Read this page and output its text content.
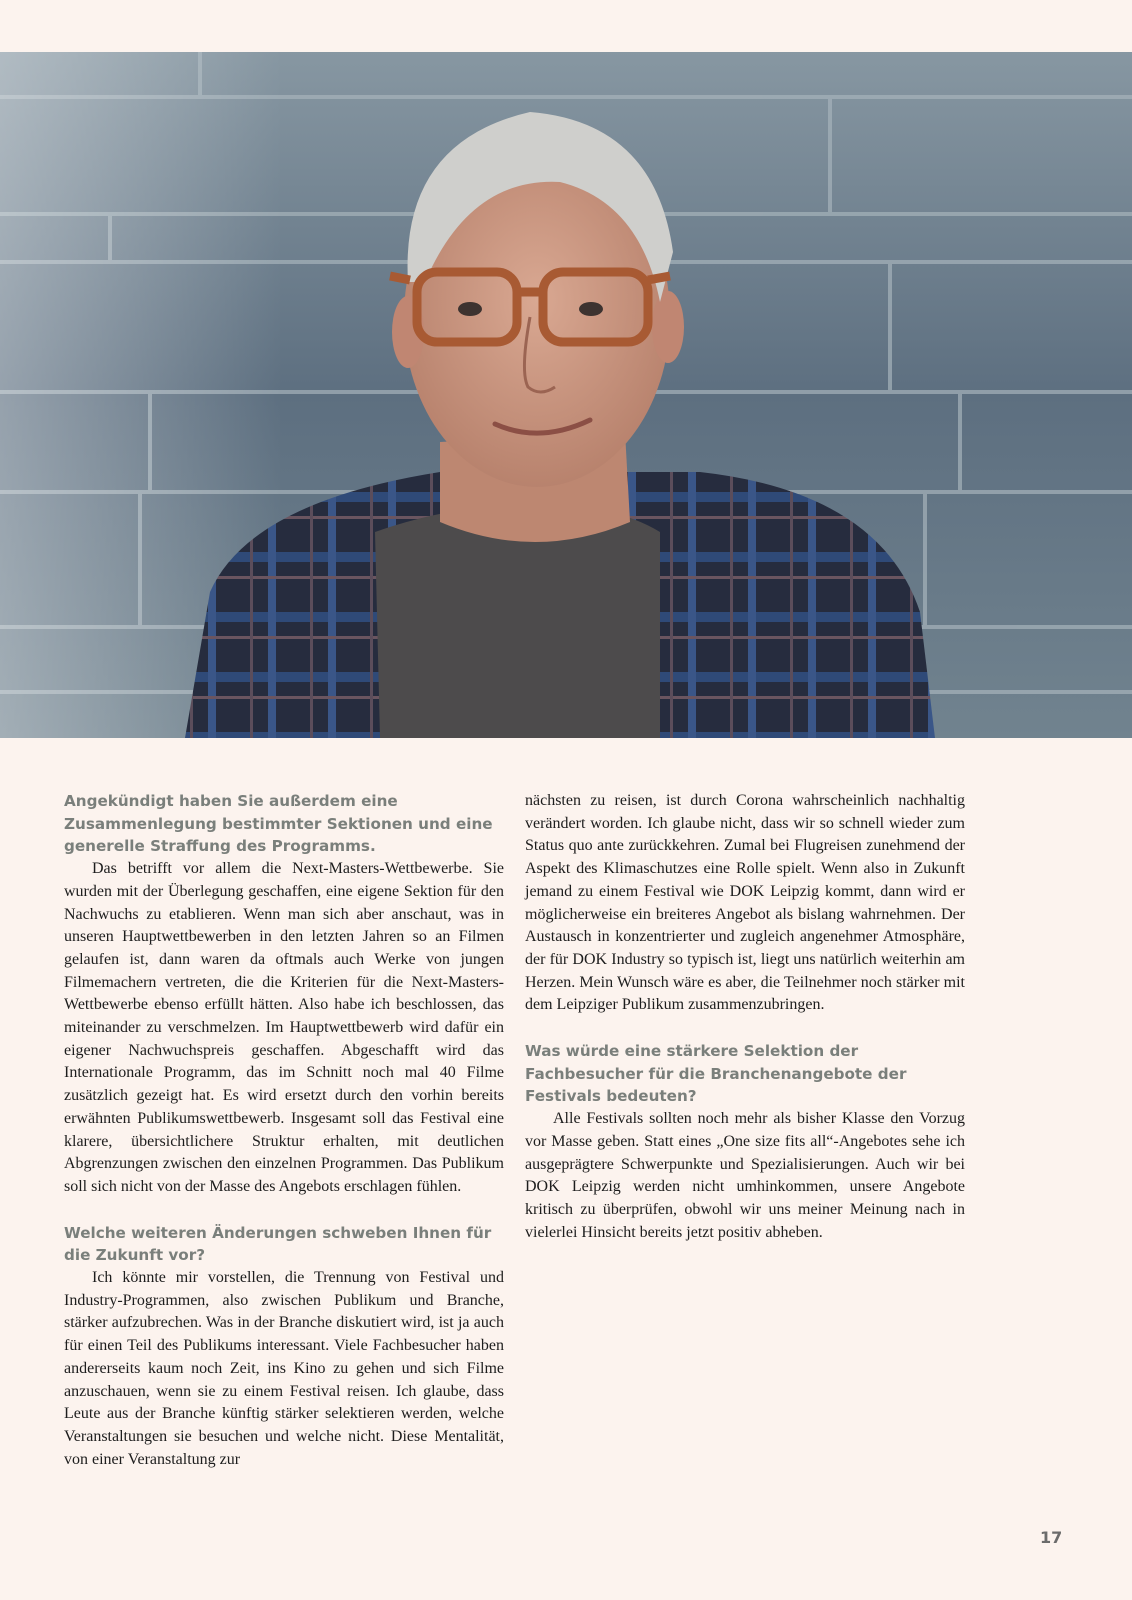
Angekündigt haben Sie außerdem eine Zusammenlegung bestimmter Sektionen und eine generelle Straffung des Programms.

Das betrifft vor allem die Next-Masters-Wettbewerbe. Sie wurden mit der Überlegung geschaffen, eine eigene Sektion für den Nachwuchs zu etablieren. Wenn man sich aber anschaut, was in unseren Hauptwettbewerben in den letzten Jahren so an Filmen gelaufen ist, dann waren da oftmals auch Werke von jungen Filmemachern vertreten, die die Kriterien für die Next-Masters-Wettbewerbe ebenso erfüllt hätten. Also habe ich beschlossen, das miteinander zu verschmelzen. Im Hauptwettbewerb wird dafür ein eigener Nachwuchspreis geschaffen. Abgeschafft wird das Internationale Programm, das im Schnitt noch mal 40 Filme zusätzlich gezeigt hat. Es wird ersetzt durch den vorhin bereits erwähnten Publikumswettbewerb. Insgesamt soll das Festival eine klarere, übersichtlichere Struktur erhalten, mit deutlichen Abgrenzungen zwischen den einzelnen Programmen. Das Publikum soll sich nicht von der Masse des Angebots erschlagen fühlen.

Welche weiteren Änderungen schweben Ihnen für die Zukunft vor?

Ich könnte mir vorstellen, die Trennung von Festival und Industry-Programmen, also zwischen Publikum und Branche, stärker aufzubrechen. Was in der Branche diskutiert wird, ist ja auch für einen Teil des Publikums interessant. Viele Fachbesucher haben andererseits kaum noch Zeit, ins Kino zu gehen und sich Filme anzuschauen, wenn sie zu einem Festival reisen. Ich glaube, dass Leute aus der Branche künftig stärker selektieren werden, welche Veranstaltungen sie besuchen und welche nicht. Diese Mentalität, von einer Veranstaltung zur

nächsten zu reisen, ist durch Corona wahrscheinlich nachhaltig verändert worden. Ich glaube nicht, dass wir so schnell wieder zum Status quo ante zurückkehren. Zumal bei Flugreisen zunehmend der Aspekt des Klimaschutzes eine Rolle spielt. Wenn also in Zukunft jemand zu einem Festival wie DOK Leipzig kommt, dann wird er möglicherweise ein breiteres Angebot als bislang wahrnehmen. Der Austausch in konzentrierter und zugleich angenehmer Atmosphäre, der für DOK Industry so typisch ist, liegt uns natürlich weiterhin am Herzen. Mein Wunsch wäre es aber, die Teilnehmer noch stärker mit dem Leipziger Publikum zusammenzubringen.

Was würde eine stärkere Selektion der Fachbesucher für die Branchenangebote der Festivals bedeuten?

Alle Festivals sollten noch mehr als bisher Klasse den Vorzug vor Masse geben. Statt eines „One size fits all“-Angebotes sehe ich ausgeprägtere Schwerpunkte und Spezialisierungen. Auch wir bei DOK Leipzig werden nicht umhinkommen, unsere Angebote kritisch zu überprüfen, obwohl wir uns meiner Meinung nach in vielerlei Hinsicht bereits jetzt positiv abheben.

17
